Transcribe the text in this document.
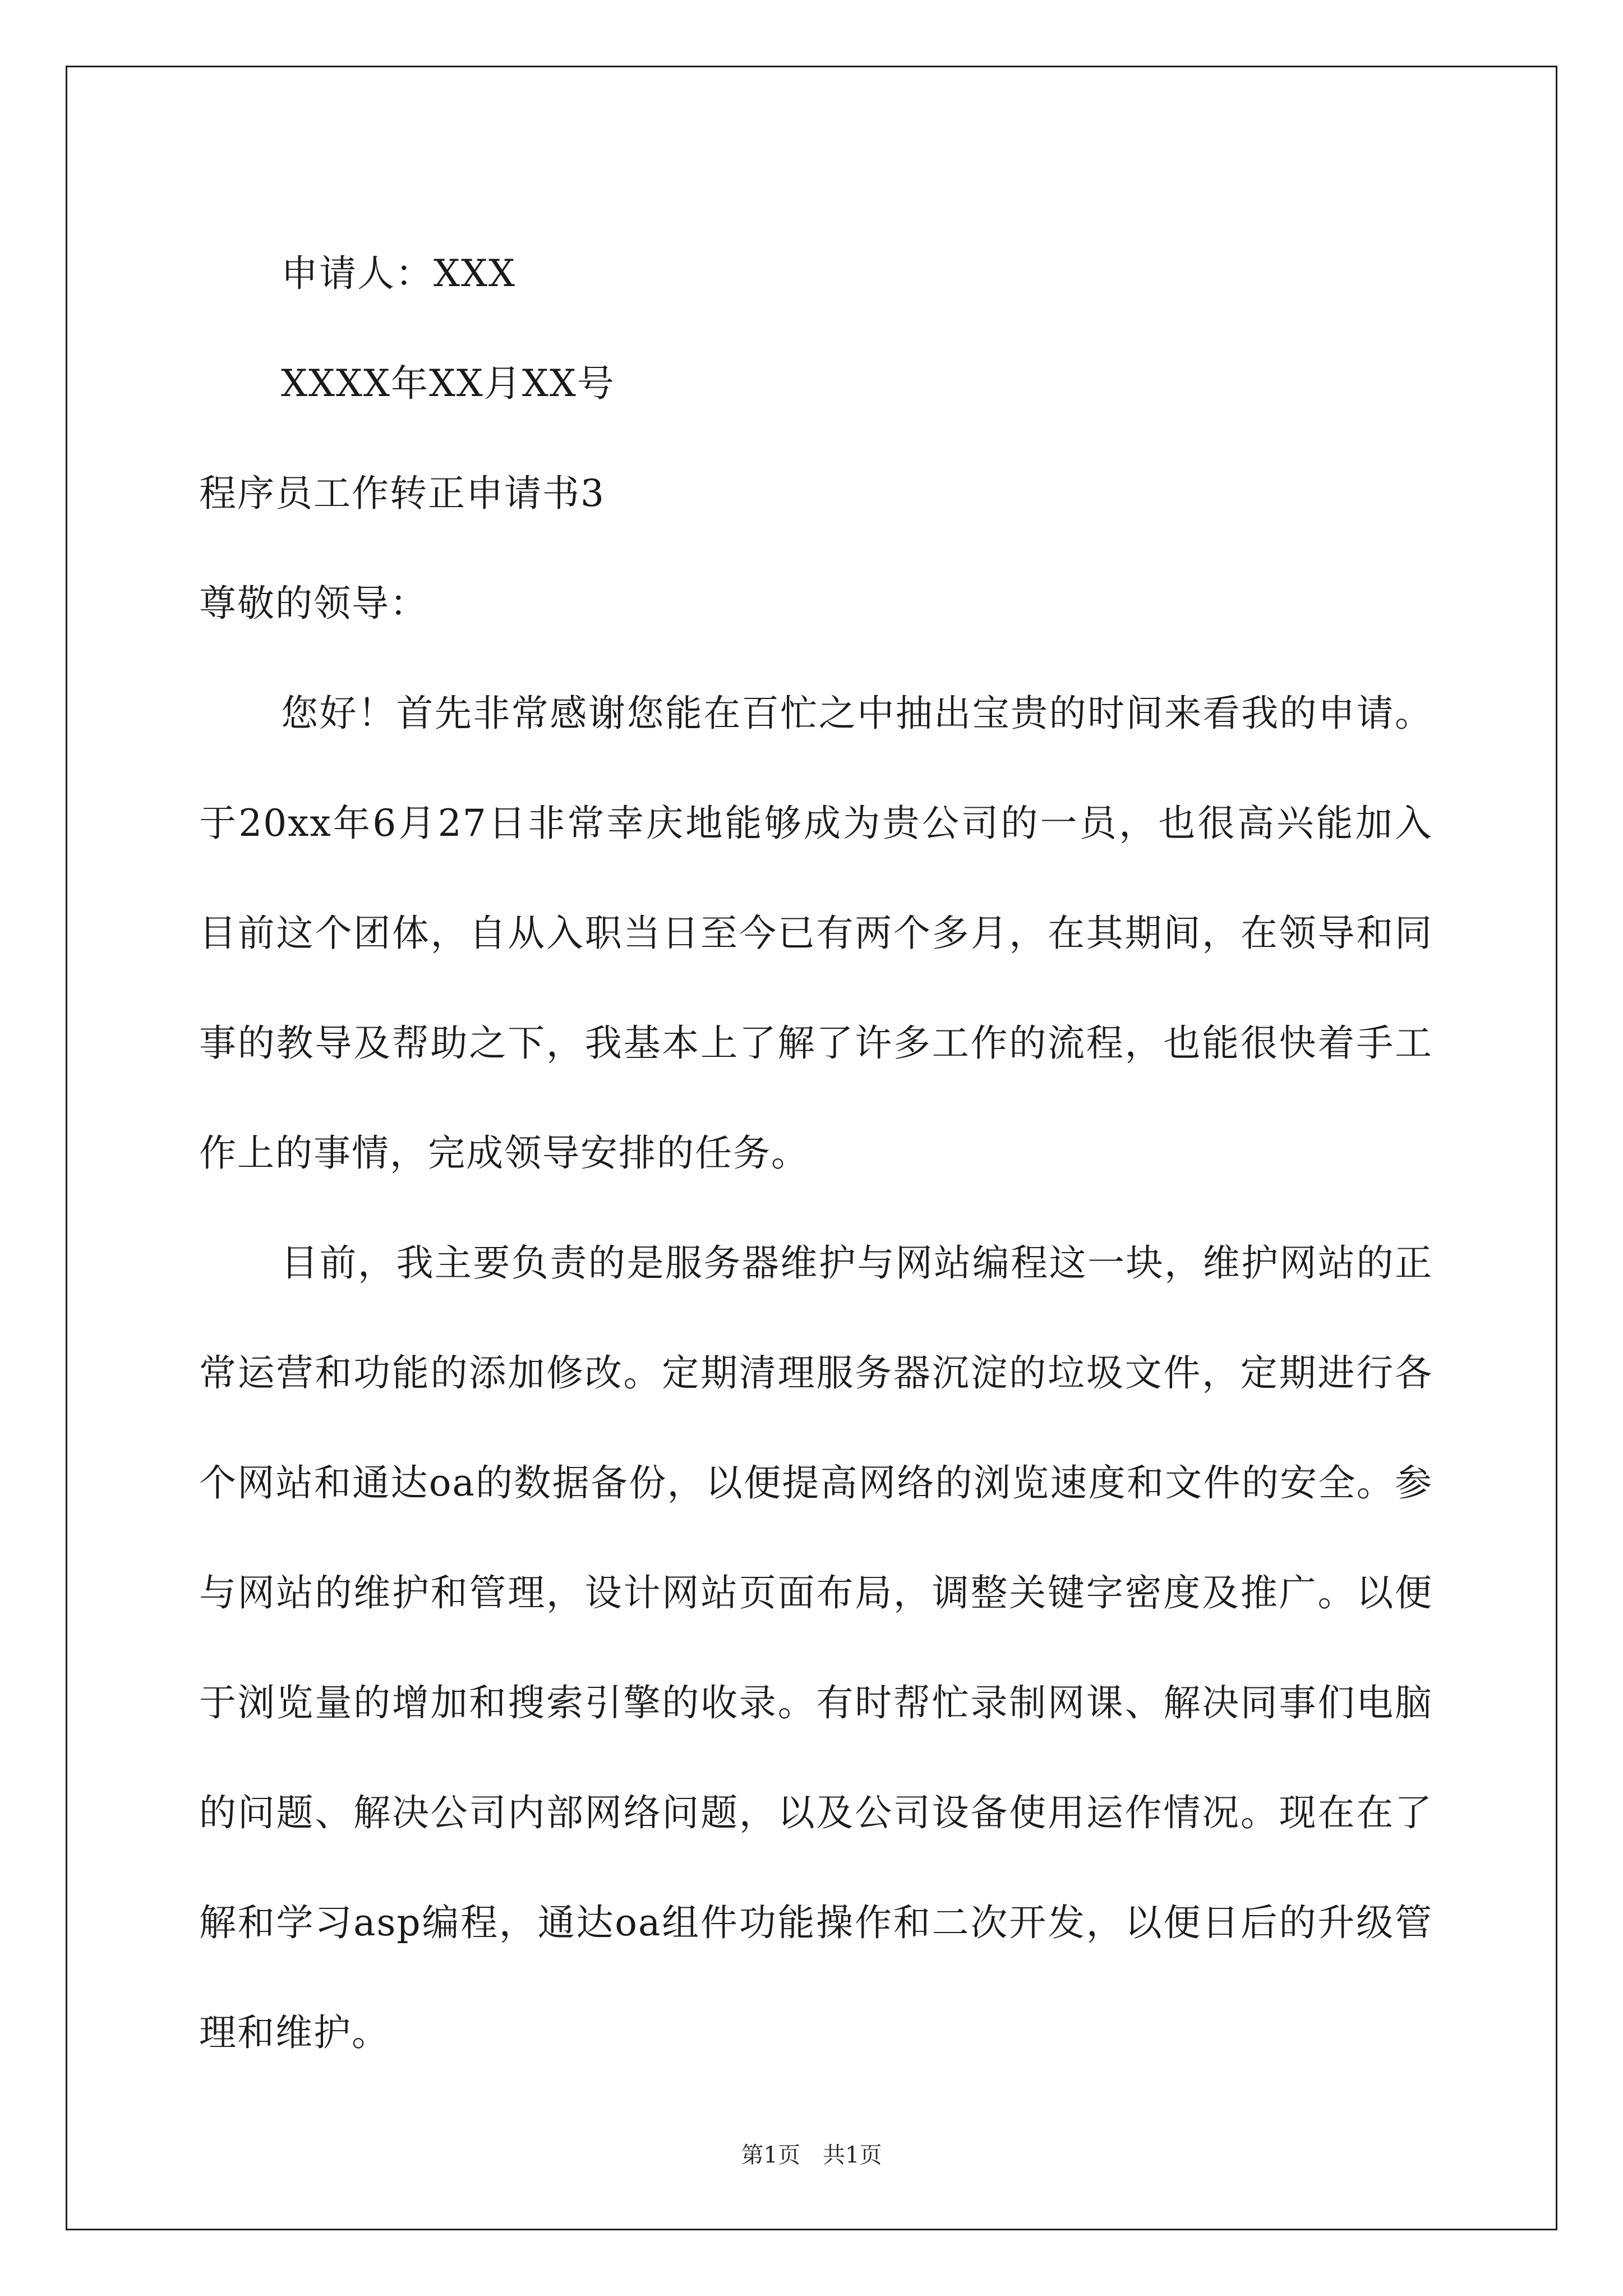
申请人：XXX
XXXX年XX月XX号
程序员工作转正申请书3
尊敬的领导：

您好！首先非常感谢您能在百忙之中抽出宝贵的时间来看我的申请。于20xx年6月27日非常幸庆地能够成为贵公司的一员，也很高兴能加入目前这个团体，自从入职当日至今已有两个多月，在其期间，在领导和同事的教导及帮助之下，我基本上了解了许多工作的流程，也能很快着手工作上的事情，完成领导安排的任务。

目前，我主要负责的是服务器维护与网站编程这一块，维护网站的正常运营和功能的添加修改。定期清理服务器沉淀的垃圾文件，定期进行各个网站和通达oa的数据备份，以便提高网络的浏览速度和文件的安全。参与网站的维护和管理，设计网站页面布局，调整关键字密度及推广。以便于浏览量的增加和搜索引擎的收录。有时帮忙录制网课、解决同事们电脑的问题、解决公司内部网络问题，以及公司设备使用运作情况。现在在了解和学习asp编程，通达oa组件功能操作和二次开发，以便日后的升级管理和维护。

第1页　共1页
